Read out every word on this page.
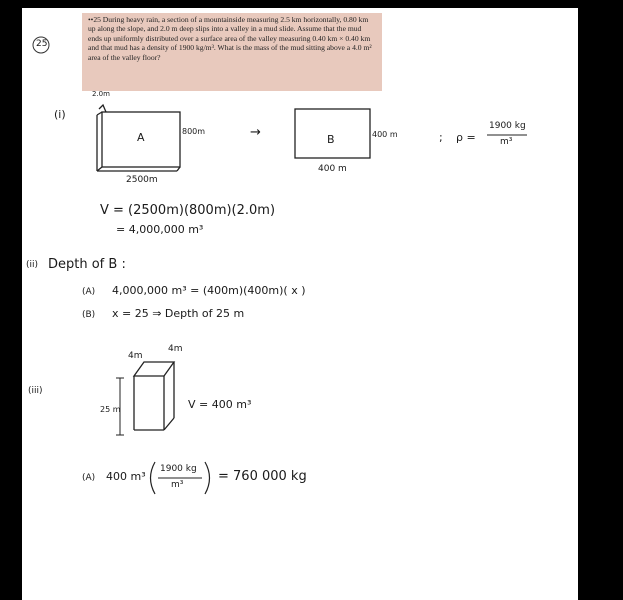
••25 During heavy rain, a section of a mountainside measuring 2.5 km horizontally, 0.80 km up along the slope, and 2.0 m deep slips into a valley in a mud slide. Assume that the mud ends up uniformly distributed over a surface area of the valley measuring 0.40 km × 0.40 km and that mud has a density of 1900 kg/m³. What is the mass of the mud sitting above a 4.0 m² area of the valley floor?

25
(i)
2.0m
A	800m
2500m
→	B	400 m
400 m
; ρ =
1900 kg
m³
V = (2500m)(800m)(2.0m)
= 4,000,000 m³
(ii) Depth of B :
(A) 4,000,000 m³ = (400m)(400m)( x )
(B) x = 25 ⇒ Depth of 25 m
(iii)
4m
4m
25 m	V = 400 m³
(A) 400 m³
1900 kg
m³
= 760 000 kg
